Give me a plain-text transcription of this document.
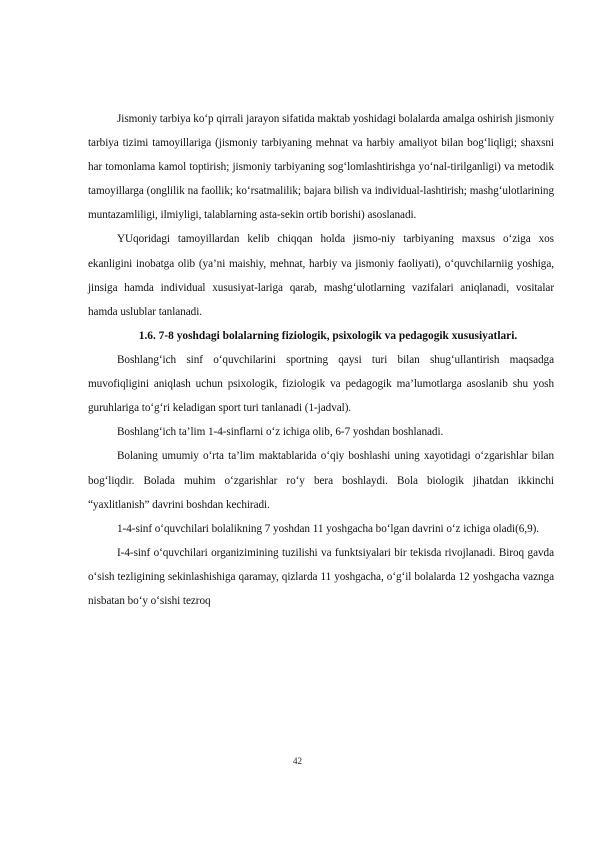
Jismoniy tarbiya ko‘p qirrali jarayon sifatida maktab yoshidagi bolalarda amalga oshirish jismoniy tarbiya tizimi tamoyillariga (jismoniy tarbiyaning mehnat va harbiy amaliyot bilan bog‘liqligi; shaxsni har tomonlama kamol toptirish; jismoniy tarbiyaning sog‘lomlashtirishga yo‘nal-tirilganligi) va metodik tamoyillarga (onglilik na faollik; ko‘rsatmalilik; bajara bilish va individual-lashtirish; mashg‘ulotlarining muntazamliligi, ilmiyligi, talablarning asta-sekin ortib borishi) asoslanadi.

YUqoridagi tamoyillardan kelib chiqqan holda jismo-niy tarbiyaning maxsus o‘ziga xos ekanligini inobatga olib (ya’ni maishiy, mehnat, harbiy va jismoniy faoliyati), o‘quvchilarniig yoshiga, jinsiga hamda individual xususiyat-lariga qarab, mashg‘ulotlarning vazifalari aniqlanadi, vositalar hamda uslublar tanlanadi.

1.6. 7-8 yoshdagi bolalarning fiziologik, psixologik va pedagogik xususiyatlari.

Boshlang‘ich sinf o‘quvchilarini sportning qaysi turi bilan shug‘ullantirish maqsadga muvofiqligini aniqlash uchun psixologik, fiziologik va pedagogik ma’lumotlarga asoslanib shu yosh guruhlariga to‘g‘ri keladigan sport turi tanlanadi (1-jadval).

Boshlang‘ich ta’lim 1-4-sinflarni o‘z ichiga olib, 6-7 yoshdan boshlanadi.

Bolaning umumiy o‘rta ta’lim maktablarida o‘qiy boshlashi uning xayotidagi o‘zgarishlar bilan bog‘liqdir. Bolada muhim o‘zgarishlar ro‘y bera boshlaydi. Bola biologik jihatdan ikkinchi “yaxlitlanish” davrini boshdan kechiradi.

1-4-sinf o‘quvchilari bolalikning 7 yoshdan 11 yoshgacha bo‘lgan davrini o‘z ichiga oladi(6,9).

I-4-sinf o‘quvchilari organizimining tuzilishi va funktsiyalari bir tekisda rivojlanadi. Biroq gavda o‘sish tezligining sekinlashishiga qaramay, qizlarda 11 yoshgacha, o‘g‘il bolalarda 12 yoshgacha vaznga nisbatan bo‘y o‘sishi tezroq

42
